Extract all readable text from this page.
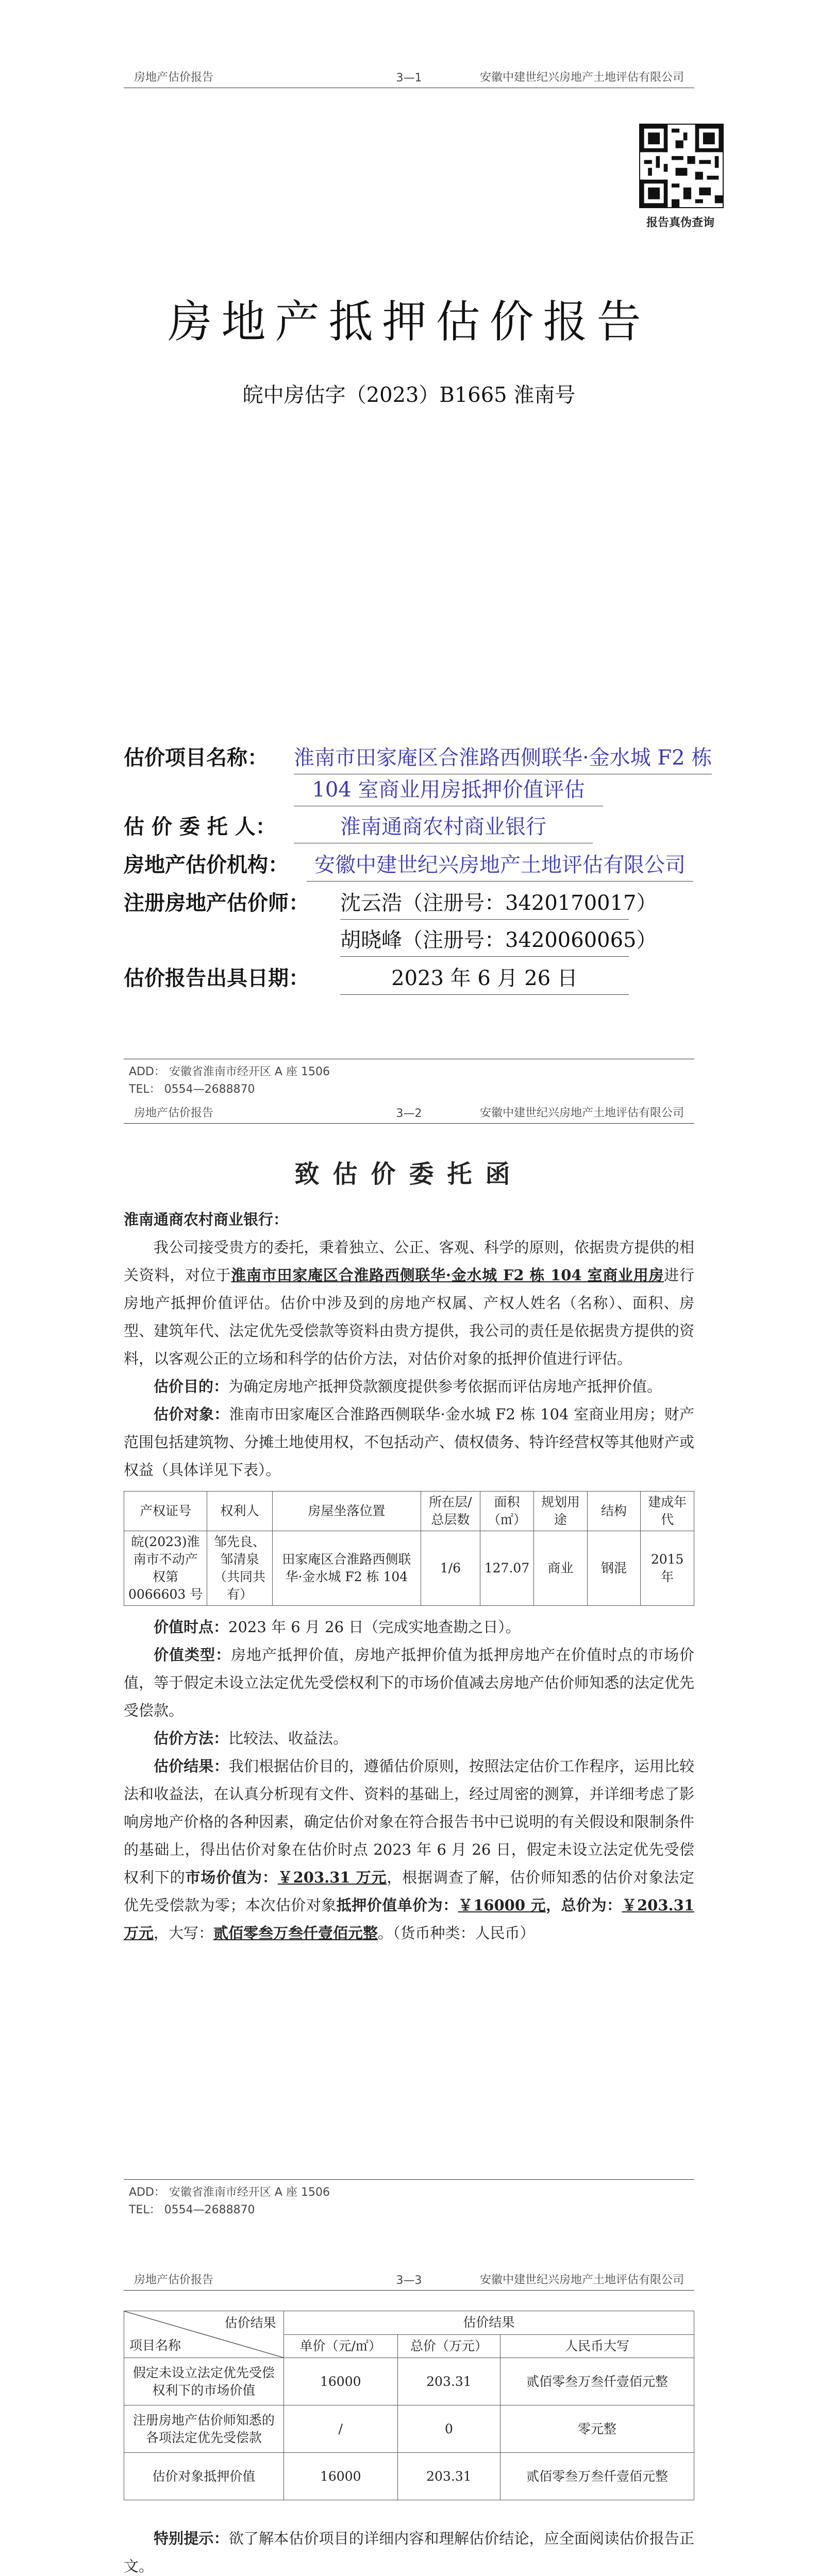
房地产估价报告	3—1	安徽中建世纪兴房地产土地评估有限公司
报告真伪查询
房地产抵押估价报告
皖中房估字（2023）B1665 淮南号
估价项目名称： 淮南市田家庵区合淮路西侧联华·金水城 F2 栋
104 室商业用房抵押价值评估
估 价 委 托 人：	淮南通商农村商业银行
房地产估价机构：	安徽中建世纪兴房地产土地评估有限公司
注册房地产估价师： 沈云浩（注册号：3420170017）
胡晓峰（注册号：3420060065）
估价报告出具日期：	2023 年 6 月 26 日
ADD： 安徽省淮南市经开区 A 座 1506
TEL： 0554—2688870
房地产估价报告	3—2	安徽中建世纪兴房地产土地评估有限公司
致估价委托函
淮南通商农村商业银行：

我公司接受贵方的委托，秉着独立、公正、客观、科学的原则，依据贵方提供的相关资料，对位于淮南市田家庵区合淮路西侧联华·金水城 F2 栋 104 室商业用房进行房地产抵押价值评估。估价中涉及到的房地产权属、产权人姓名（名称）、面积、房型、建筑年代、法定优先受偿款等资料由贵方提供，我公司的责任是依据贵方提供的资料，以客观公正的立场和科学的估价方法，对估价对象的抵押价值进行评估。

估价目的：为确定房地产抵押贷款额度提供参考依据而评估房地产抵押价值。

估价对象：淮南市田家庵区合淮路西侧联华·金水城 F2 栋 104 室商业用房；财产范围包括建筑物、分摊土地使用权，不包括动产、债权债务、特许经营权等其他财产或权益（具体详见下表）。

产权证号	权利人	房屋坐落位置	所在层/总层数	面积（㎡）	规划用途	结构	建成年代
皖(2023)淮南市不动产权第 0066603 号	邹先良、邹清泉（共同共有）	田家庵区合淮路西侧联华·金水城 F2 栋 104	1/6	127.07	商业	钢混	2015 年

价值时点：2023 年 6 月 26 日（完成实地查勘之日）。

价值类型：房地产抵押价值，房地产抵押价值为抵押房地产在价值时点的市场价值，等于假定未设立法定优先受偿权利下的市场价值减去房地产估价师知悉的法定优先受偿款。

估价方法：比较法、收益法。

估价结果：我们根据估价目的，遵循估价原则，按照法定估价工作程序，运用比较法和收益法，在认真分析现有文件、资料的基础上，经过周密的测算，并详细考虑了影响房地产价格的各种因素，确定估价对象在符合报告书中已说明的有关假设和限制条件的基础上，得出估价对象在估价时点 2023 年 6 月 26 日，假定未设立法定优先受偿权利下的市场价值为：￥203.31 万元，根据调查了解，估价师知悉的估价对象法定优先受偿款为零；本次估价对象抵押价值单价为：￥16000 元，总价为：￥203.31 万元，大写：贰佰零叁万叁仟壹佰元整。（货币种类：人民币）

ADD： 安徽省淮南市经开区 A 座 1506
TEL： 0554—2688870
房地产估价报告	3—3	安徽中建世纪兴房地产土地评估有限公司
估价结果
项目名称	估价结果		
	单价（元/㎡）	总价（万元）	人民币大写
假定未设立法定优先受偿权利下的市场价值	16000	203.31	贰佰零叁万叁仟壹佰元整
注册房地产估价师知悉的各项法定优先受偿款	/	0	零元整
估价对象抵押价值	16000	203.31	贰佰零叁万叁仟壹佰元整

特别提示：欲了解本估价项目的详细内容和理解估价结论，应全面阅读估价报告正文。
